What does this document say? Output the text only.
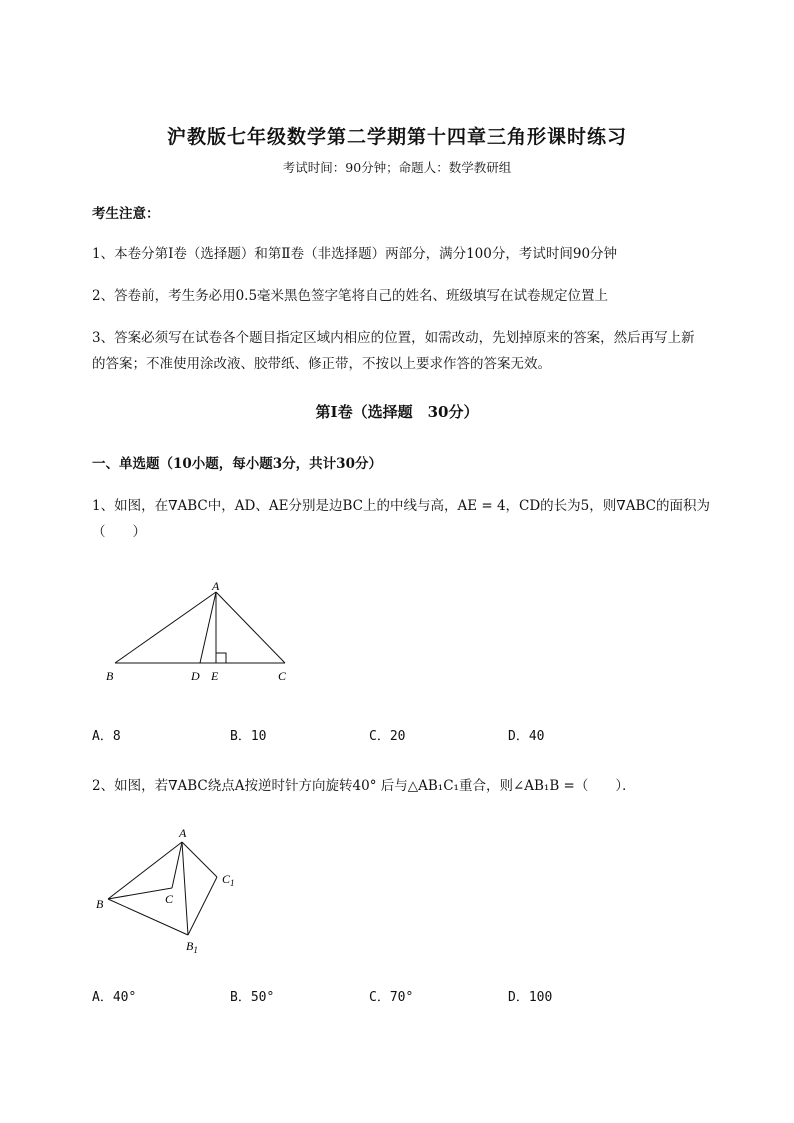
沪教版七年级数学第二学期第十四章三角形课时练习
考试时间：90分钟；命题人：数学教研组
考生注意：
1、本卷分第I卷（选择题）和第Ⅱ卷（非选择题）两部分，满分100分，考试时间90分钟
2、答卷前，考生务必用0.5毫米黑色签字笔将自己的姓名、班级填写在试卷规定位置上
3、答案必须写在试卷各个题目指定区域内相应的位置，如需改动，先划掉原来的答案，然后再写上新
的答案；不准使用涂改液、胶带纸、修正带，不按以上要求作答的答案无效。
第I卷（选择题　30分）
一、单选题（10小题，每小题3分，共计30分）
1、如图，在∇ABC中，AD、AE分别是边BC上的中线与高，AE = 4，CD的长为5，则∇ABC的面积为
（　　）
A
B	D E	C
A．8	B．10	C．20	D．40
2、如图，若∇ABC绕点A按逆时针方向旋转40° 后与△AB₁C₁重合，则∠AB₁B =（　　）．
A
B	C
$C_1$
$B_1$
A．40°	B．50°	C．70°	D．100
